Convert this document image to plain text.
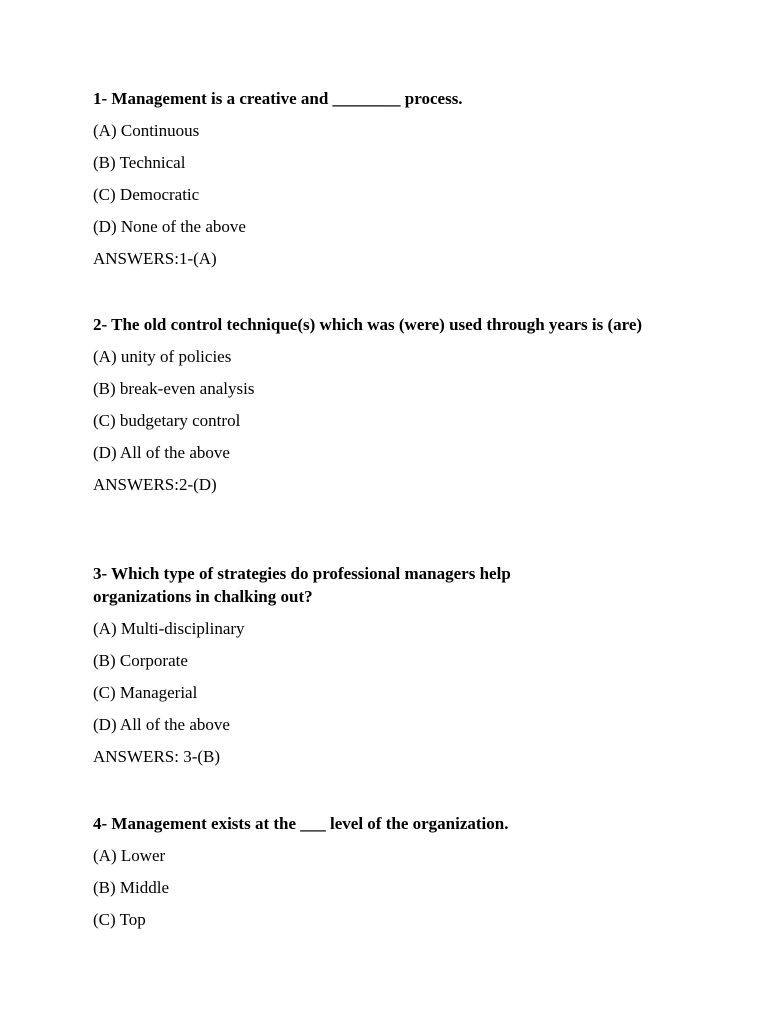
1- Management is a creative and ________ process.

(A) Continuous

(B) Technical

(C) Democratic

(D) None of the above

ANSWERS:1-(A)

2- The old control technique(s) which was (were) used through years is (are)

(A) unity of policies

(B) break-even analysis

(C) budgetary control

(D) All of the above

ANSWERS:2-(D)

3- Which type of strategies do professional managers help organizations in chalking out?

(A) Multi-disciplinary

(B) Corporate

(C) Managerial

(D) All of the above

ANSWERS: 3-(B)

4- Management exists at the ___ level of the organization.

(A) Lower

(B) Middle

(C) Top
